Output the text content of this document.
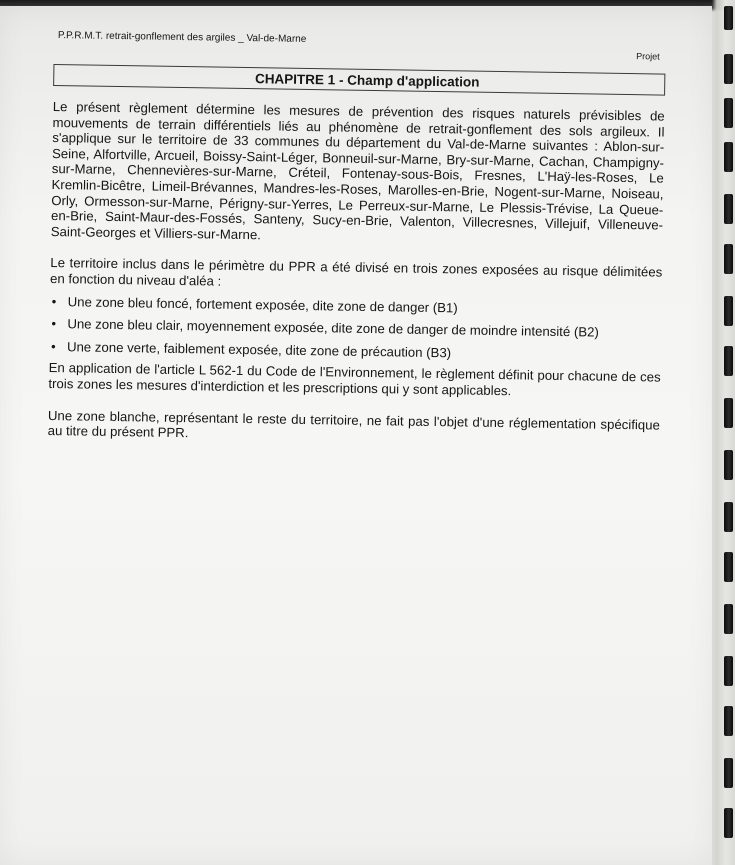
P.P.R.M.T. retrait-gonflement des argiles _ Val-de-Marne
Projet
CHAPITRE 1 - Champ d'application

Le présent règlement détermine les mesures de prévention des risques naturels prévisibles de mouvements de terrain différentiels liés au phénomène de retrait-gonflement des sols argileux. Il s'applique sur le territoire de 33 communes du département du Val-de-Marne suivantes : Ablon-sur-Seine, Alfortville, Arcueil, Boissy-Saint-Léger, Bonneuil-sur-Marne, Bry-sur-Marne, Cachan, Champigny-sur-Marne, Chennevières-sur-Marne, Créteil, Fontenay-sous-Bois, Fresnes, L'Haÿ-les-Roses, Le Kremlin-Bicêtre, Limeil-Brévannes, Mandres-les-Roses, Marolles-en-Brie, Nogent-sur-Marne, Noiseau, Orly, Ormesson-sur-Marne, Périgny-sur-Yerres, Le Perreux-sur-Marne, Le Plessis-Trévise, La Queue-en-Brie, Saint-Maur-des-Fossés, Santeny, Sucy-en-Brie, Valenton, Villecresnes, Villejuif, Villeneuve-Saint-Georges et Villiers-sur-Marne.

Le territoire inclus dans le périmètre du PPR a été divisé en trois zones exposées au risque délimitées en fonction du niveau d'aléa :

• Une zone bleu foncé, fortement exposée, dite zone de danger (B1)
• Une zone bleu clair, moyennement exposée, dite zone de danger de moindre intensité (B2)
• Une zone verte, faiblement exposée, dite zone de précaution (B3)

En application de l'article L 562-1 du Code de l'Environnement, le règlement définit pour chacune de ces trois zones les mesures d'interdiction et les prescriptions qui y sont applicables.

Une zone blanche, représentant le reste du territoire, ne fait pas l'objet d'une réglementation spécifique au titre du présent PPR.
